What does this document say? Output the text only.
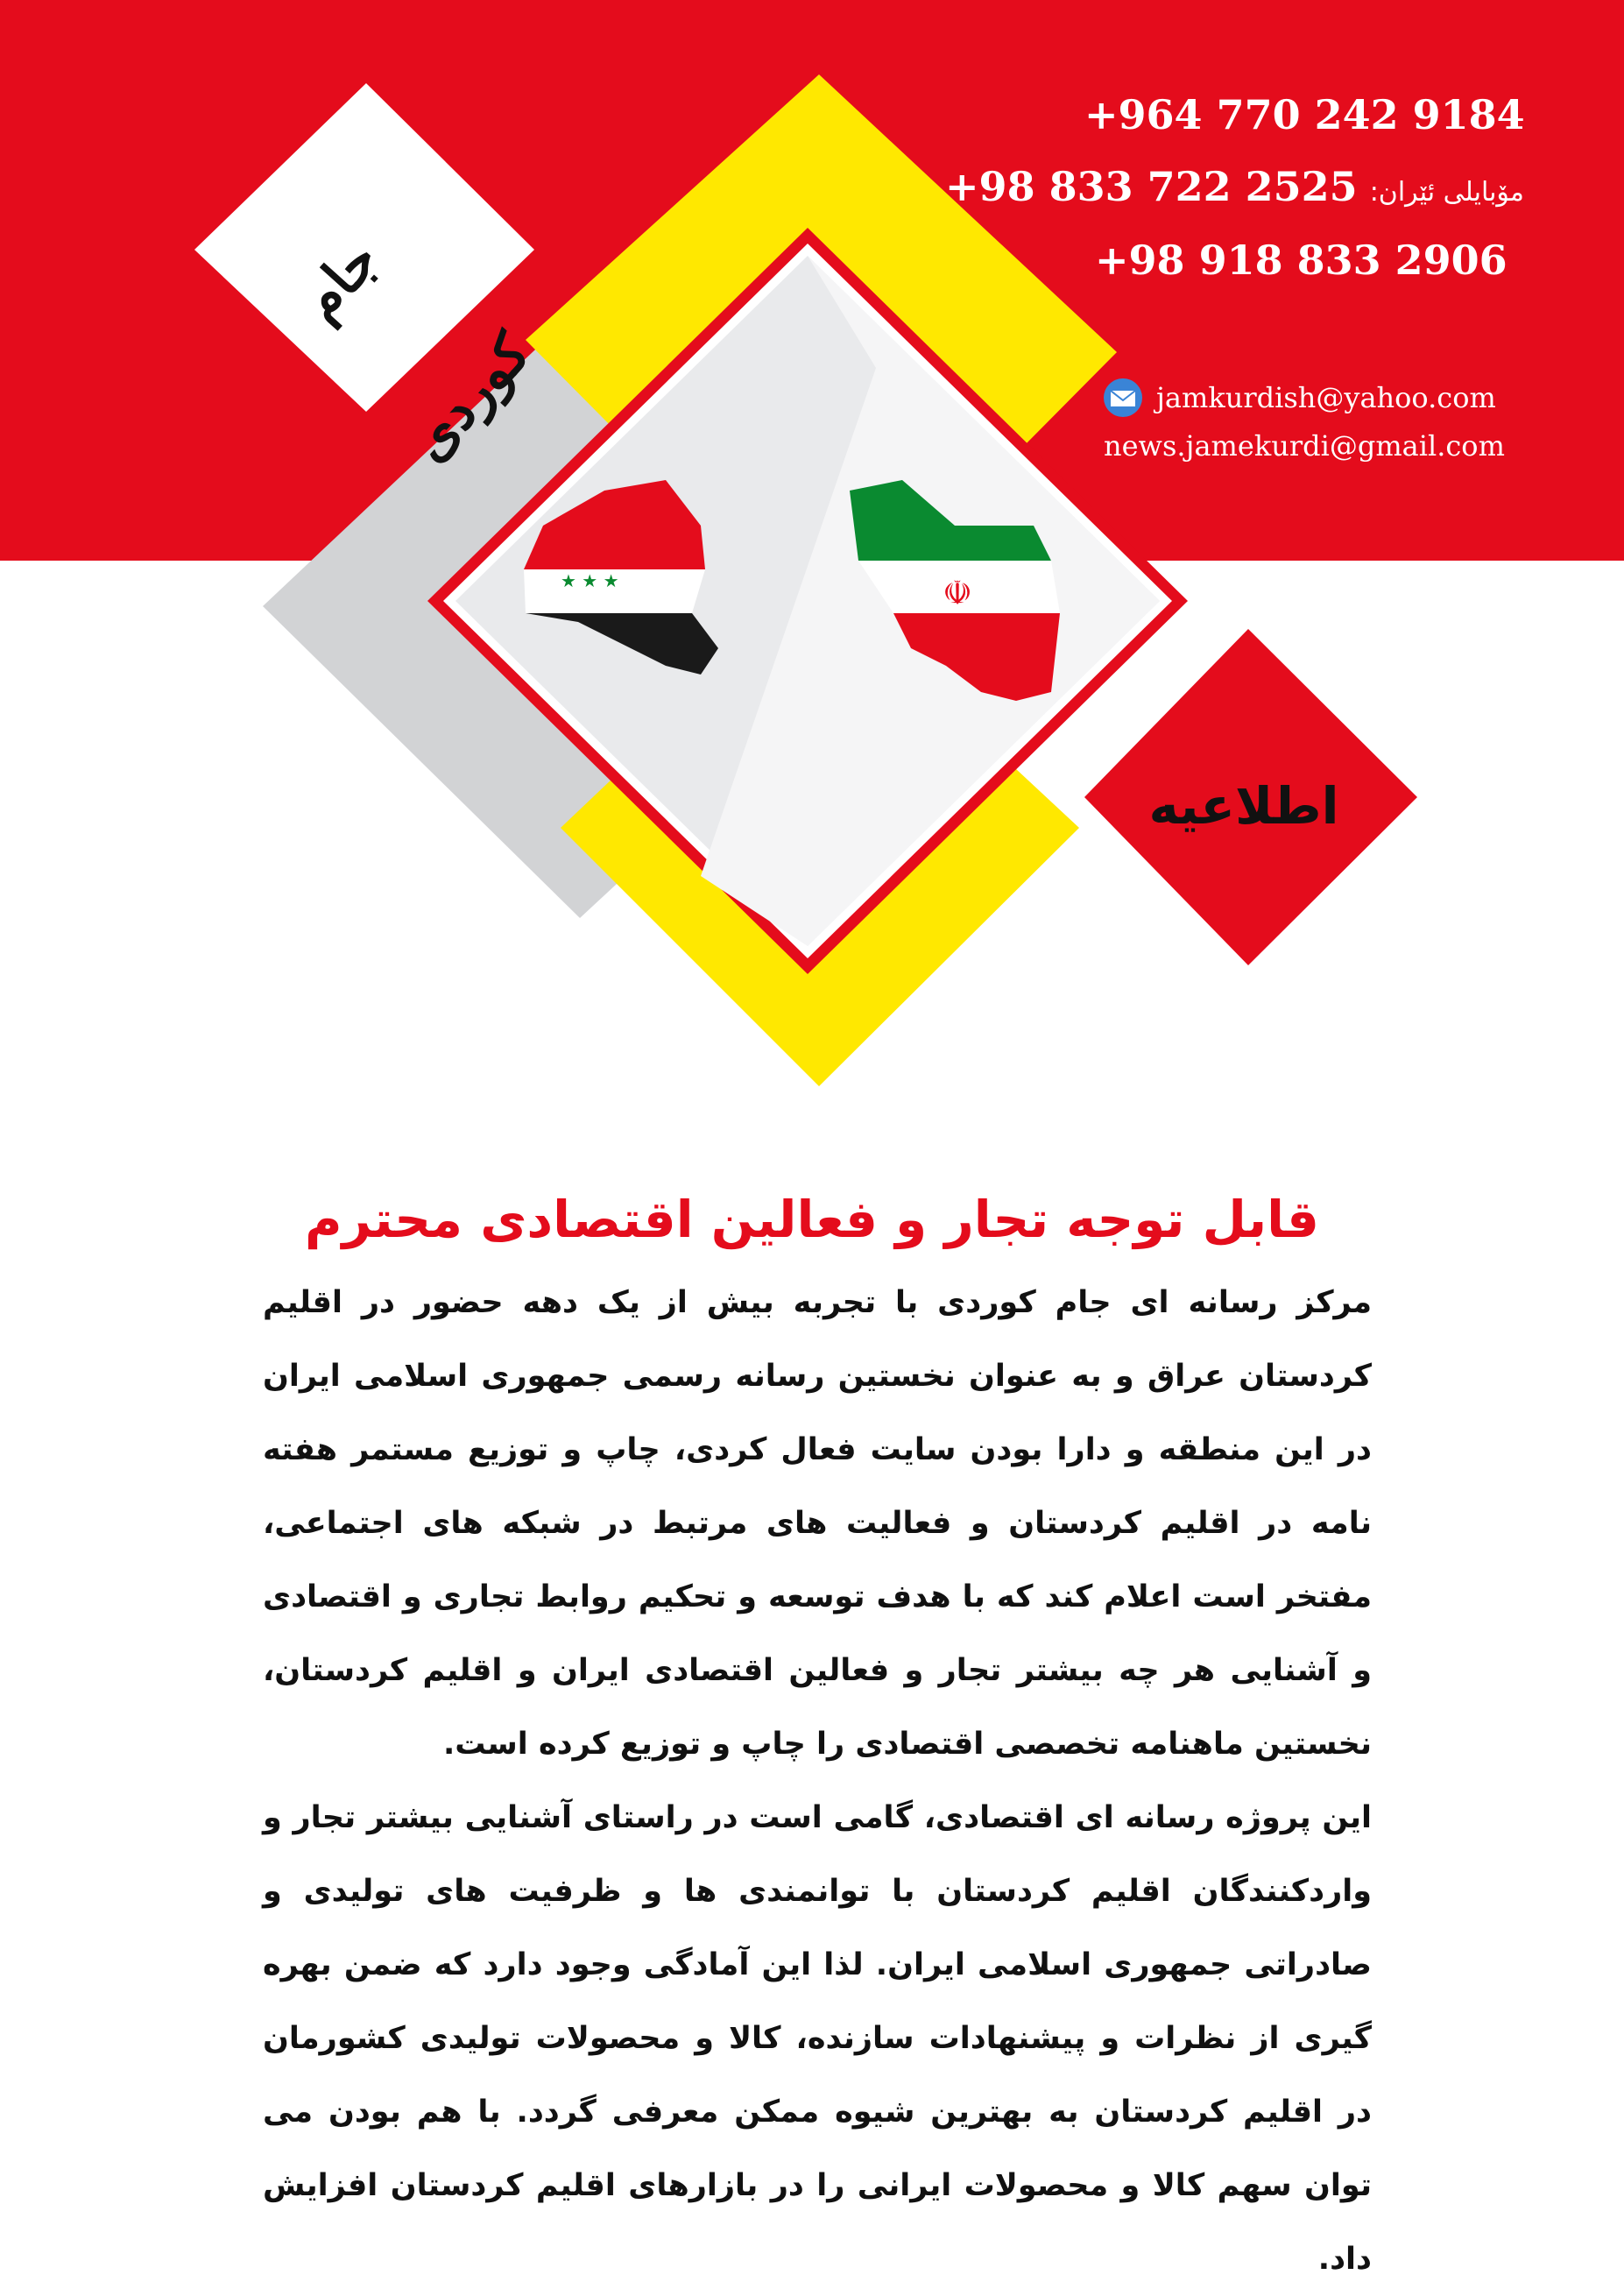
★ ★ ★	☫
جام کوردی
+964 770 242 9184
مۆبایلی ئێران:
+98 833 722 2525
+98 918 833 2906
jamkurdish@yahoo.com
news.jamekurdi@gmail.com
اطلاعیه
قابل توجه تجار و فعالین اقتصادی محترم

مرکز رسانه ای جام کوردی با تجربه بیش از یک دهه حضور در اقلیم کردستان عراق و به عنوان نخستین رسانه رسمی جمهوری اسلامی ایران در این منطقه و دارا بودن سایت فعال کردی، چاپ و توزیع مستمر هفته نامه در اقلیم کردستان و فعالیت های مرتبط در شبکه های اجتماعی، مفتخر است اعلام کند که با هدف توسعه و تحکیم روابط تجاری و اقتصادی و آشنایی هر چه بیشتر تجار و فعالین اقتصادی ایران و اقلیم کردستان، نخستین ماهنامه تخصصی اقتصادی را چاپ و توزیع کرده است.

این پروژه رسانه ای اقتصادی، گامی است در راستای آشنایی بیشتر تجار و واردکنندگان اقلیم کردستان با توانمندی ها و ظرفیت های تولیدی و صادراتی جمهوری اسلامی ایران. لذا این آمادگی وجود دارد که ضمن بهره گیری از نظرات و پیشنهادات سازنده، کالا و محصولات تولیدی کشورمان در اقلیم کردستان به بهترین شیوه ممکن معرفی گردد. با هم بودن می توان سهم کالا و محصولات ایرانی را در بازارهای اقلیم کردستان افزایش داد.
